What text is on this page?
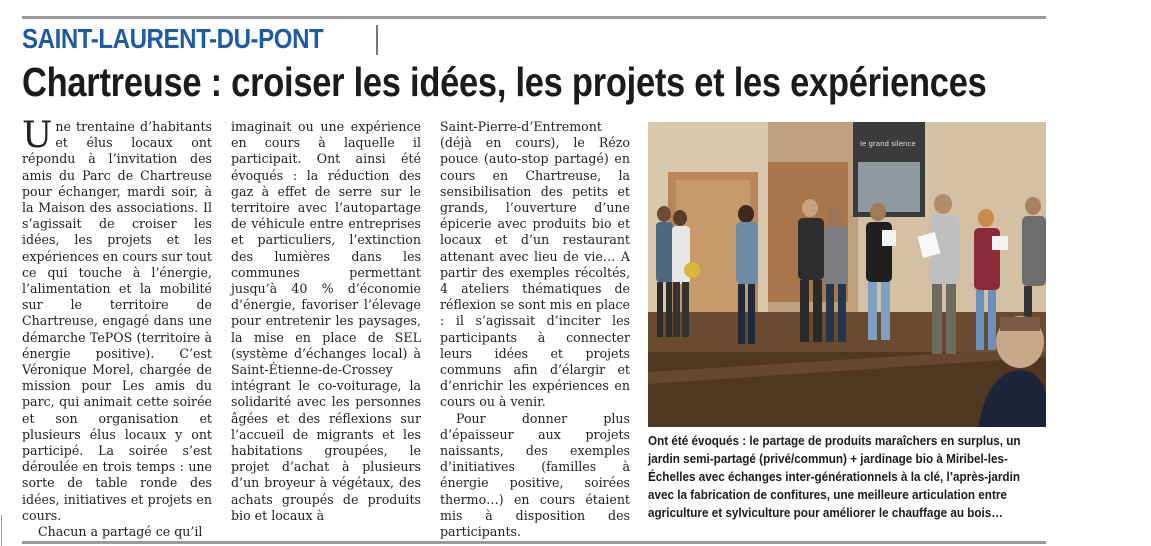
SAINT-LAURENT-DU-PONT
Chartreuse : croiser les idées, les projets et les expériences

Une trentaine d’habitants et élus locaux ont répondu à l’invitation des amis du Parc de Chartreuse pour échanger, mardi soir, à la Maison des associations. Il s’agissait de croiser les idées, les projets et les expériences en cours sur tout ce qui touche à l’énergie, l’alimentation et la mobilité sur le territoire de Chartreuse, engagé dans une démarche TePOS (territoire à énergie positive). C’est Véronique Morel, chargée de mission pour Les amis du parc, qui animait cette soirée et son organisation et plusieurs élus locaux y ont participé. La soirée s’est déroulée en trois temps : une sorte de table ronde des idées, initiatives et projets en cours.

Chacun a partagé ce qu’il

imaginait ou une expérience en cours à laquelle il participait. Ont ainsi été évoqués : la réduction des gaz à effet de serre sur le territoire avec l’autopartage de véhicule entre entreprises et particuliers, l’extinction des lumières dans les communes permettant jusqu’à 40 % d’économie d’énergie, favoriser l’élevage pour entretenir les paysages, la mise en place de SEL (système d’échanges local) à Saint-Étienne-de-Crossey intégrant le co-voiturage, la solidarité avec les personnes âgées et des réflexions sur l’accueil de migrants et les habitations groupées, le projet d’achat à plusieurs d’un broyeur à végétaux, des achats groupés de produits bio et locaux à

Saint-Pierre-d’Entremont (déjà en cours), le Rézo pouce (auto-stop partagé) en cours en Chartreuse, la sensibilisation des petits et grands, l’ouverture d’une épicerie avec produits bio et locaux et d’un restaurant attenant avec lieu de vie… A partir des exemples récoltés, 4 ateliers thématiques de réflexion se sont mis en place : il s’agissait d’inciter les participants à connecter leurs idées et projets communs afin d’élargir et d’enrichir les expériences en cours ou à venir.

Pour donner plus d’épaisseur aux projets naissants, des exemples d’initiatives (familles à énergie positive, soirées thermo…) en cours étaient mis à disposition des participants.

le grand silence
Ont été évoqués : le partage de produits maraîchers en surplus, un jardin semi-partagé (privé/commun) + jardinage bio à Miribel-les-Échelles avec échanges inter-générationnels à la clé, l’après-jardin avec la fabrication de confitures, une meilleure articulation entre agriculture et sylviculture pour améliorer le chauffage au bois…
